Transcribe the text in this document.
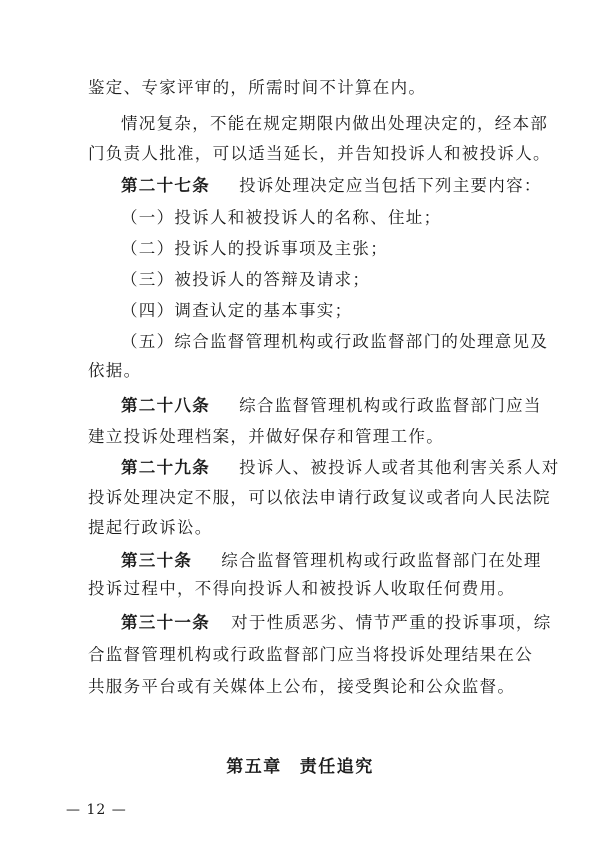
鉴定、专家评审的，所需时间不计算在内。
情况复杂，不能在规定期限内做出处理决定的，经本部
门负责人批准，可以适当延长，并告知投诉人和被投诉人。
第二十七条 投诉处理决定应当包括下列主要内容：
（一）投诉人和被投诉人的名称、住址；
（二）投诉人的投诉事项及主张；
（三）被投诉人的答辩及请求；
（四）调查认定的基本事实；
（五）综合监督管理机构或行政监督部门的处理意见及
依据。
第二十八条 综合监督管理机构或行政监督部门应当
建立投诉处理档案，并做好保存和管理工作。
第二十九条 投诉人、被投诉人或者其他利害关系人对
投诉处理决定不服，可以依法申请行政复议或者向人民法院
提起行政诉讼。
第三十条 综合监督管理机构或行政监督部门在处理
投诉过程中，不得向投诉人和被投诉人收取任何费用。
第三十一条 对于性质恶劣、情节严重的投诉事项，综
合监督管理机构或行政监督部门应当将投诉处理结果在公
共服务平台或有关媒体上公布，接受舆论和公众监督。
第五章 责任追究
— 12 —
